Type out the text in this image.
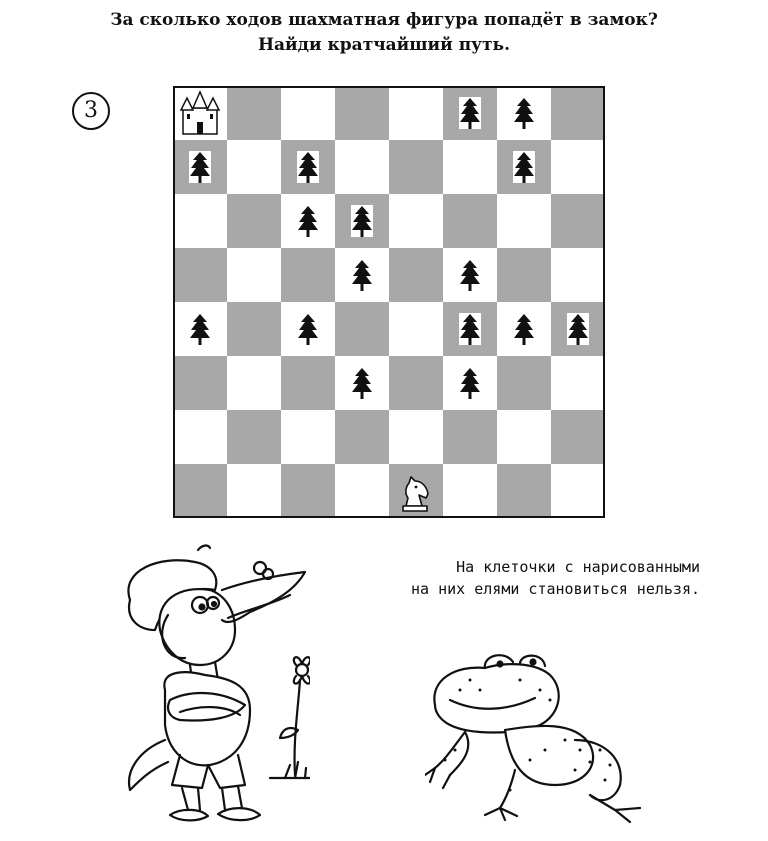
За сколько ходов шахматная фигура попадёт в замок?
Найди кратчайший путь.
3
На клеточки с нарисованными
на них елями становиться нельзя.
